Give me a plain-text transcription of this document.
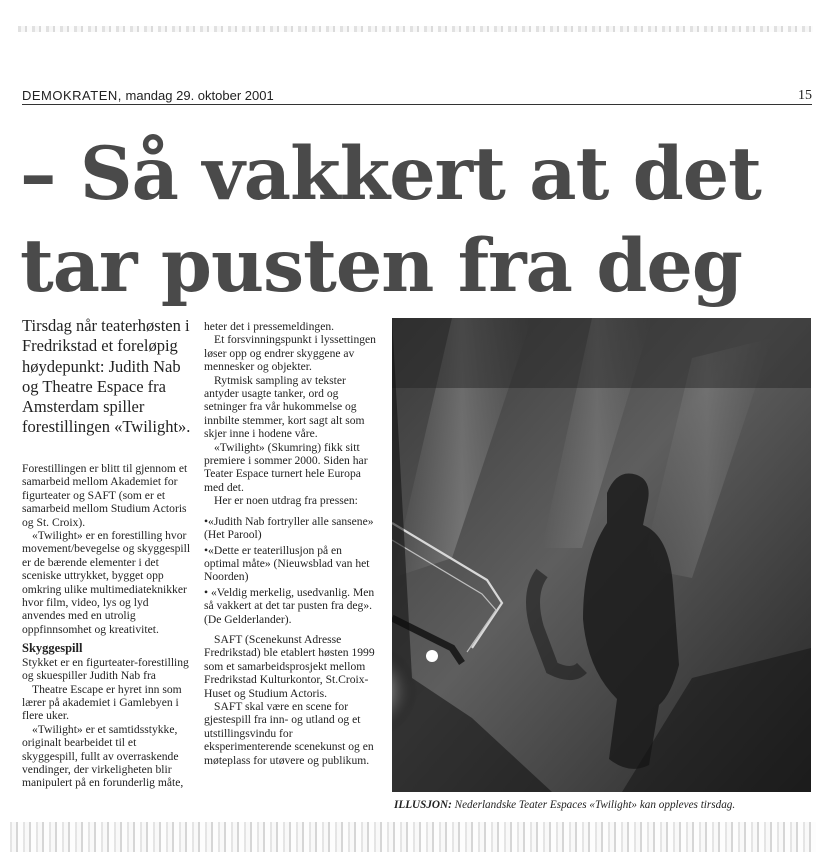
DEMOKRATEN, mandag 29. oktober 2001	15
– Så vakkert at det
tar pusten fra deg

Tirsdag når teaterhøsten i Fredrikstad et foreløpig høydepunkt: Judith Nab og Theatre Espace fra Amsterdam spiller forestillingen «Twilight».

Forestillingen er blitt til gjennom et samarbeid mellom Akademiet for figurteater og SAFT (som er et samarbeid mellom Studium Actoris og St. Croix).

«Twilight» er en forestilling hvor movement/bevegelse og skyggespill er de bærende elementer i det sceniske uttrykket, bygget opp omkring ulike multimediateknikker hvor film, video, lys og lyd anvendes med en utrolig oppfinnsomhet og kreativitet.

Skyggespill

Stykket er en figurteater-forestilling og skuespiller Judith Nab fra

Theatre Escape er hyret inn som lærer på akademiet i Gamlebyen i flere uker.

«Twilight» er et samtidsstykke, originalt bearbeidet til et skyggespill, fullt av overraskende vendinger, der virkeligheten blir manipulert på en forunderlig måte,

heter det i pressemeldingen.

Et forsvinningspunkt i lyssettingen løser opp og endrer skyggene av mennesker og objekter.

Rytmisk sampling av tekster antyder usagte tanker, ord og setninger fra vår hukommelse og innbilte stemmer, kort sagt alt som skjer inne i hodene våre.

«Twilight» (Skumring) fikk sitt premiere i sommer 2000. Siden har Teater Espace turnert hele Europa med det.

Her er noen utdrag fra pressen:

•«Judith Nab fortryller alle sansene» (Het Parool)

•«Dette er teaterillusjon på en optimal måte» (Nieuwsblad van het Noorden)

• «Veldig merkelig, usedvanlig. Men så vakkert at det tar pusten fra deg». (De Gelderlander).

SAFT (Scenekunst Adresse Fredrikstad) ble etablert høsten 1999 som et samarbeidsprosjekt mellom Fredrikstad Kulturkontor, St.Croix-Huset og Studium Actoris.

SAFT skal være en scene for gjestespill fra inn- og utland og et utstillingsvindu for eksperimenterende scenekunst og en møteplass for utøvere og publikum.

ILLUSJON: Nederlandske Teater Espaces «Twilight» kan oppleves tirsdag.
